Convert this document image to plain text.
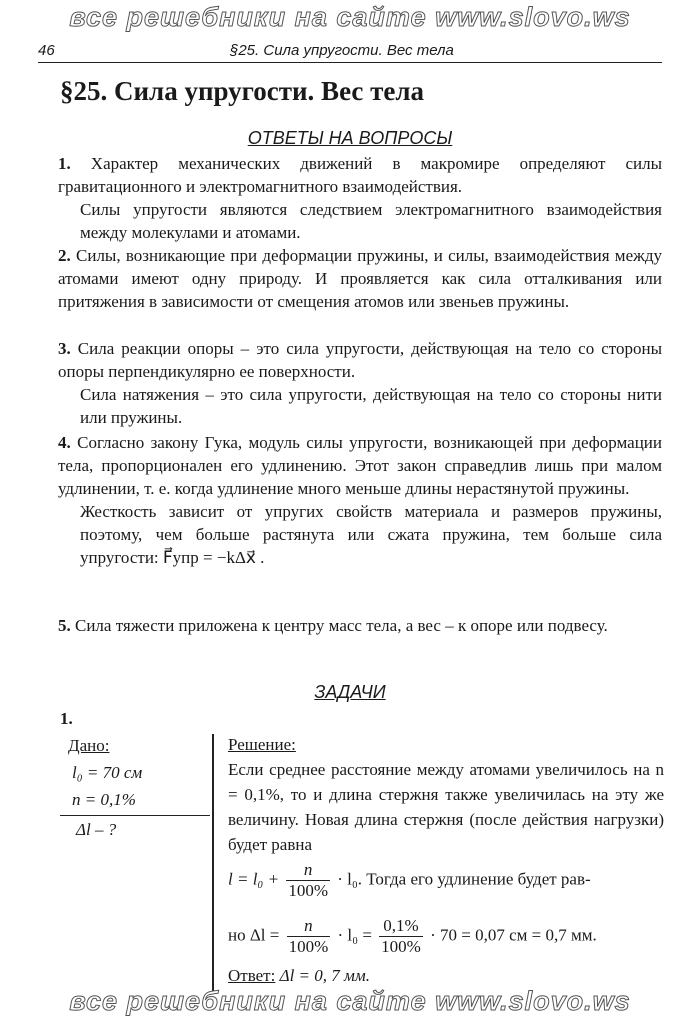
все решебники на сайте www.slovo.ws
46	§25. Сила упругости. Вес тела
§25. Сила упругости. Вес тела
ОТВЕТЫ НА ВОПРОСЫ

1. Характер механических движений в макромире определяют силы гравитационного и электромагнитного взаимодействия.

Силы упругости являются следствием электромагнитного взаимодействия между молекулами и атомами.

2. Силы, возникающие при деформации пружины, и силы, взаимодействия между атомами имеют одну природу. И проявляется как сила отталкивания или притяжения в зависимости от смещения атомов или звеньев пружины.

3. Сила реакции опоры – это сила упругости, действующая на тело со стороны опоры перпендикулярно ее поверхности.

Сила натяжения – это сила упругости, действующая на тело со стороны нити или пружины.

4. Согласно закону Гука, модуль силы упругости, возникающей при деформации тела, пропорционален его удлинению. Этот закон справедлив лишь при малом удлинении, т. е. когда удлинение много меньше длины нерастянутой пружины.

Жесткость зависит от упругих свойств материала и размеров пружины, поэтому, чем больше растянута или сжата пружина, тем больше сила упругости: F⃗упр = −kΔx⃗ .

5. Сила тяжести приложена к центру масс тела, а вес – к опоре или подвесу.

ЗАДАЧИ
1.
Дано:
l₀ = 70 см
n = 0,1%
Δl – ?
Решение:
Если среднее расстояние между атомами увеличилось на n = 0,1%, то и длина стержня также увеличилась на эту же величину. Новая длина стержня (после действия нагрузки) будет равна
$l = l_0 + \frac{n}{100\%} \cdot l_0$. Тогда его удлинение будет рав-
но $\Delta l = \frac{n}{100\%} \cdot l_0 = \frac{0,1\%}{100\%} \cdot 70 = 0,07$ см = 0,7 мм.
Ответ: Δl = 0, 7 мм.
все решебники на сайте www.slovo.ws
